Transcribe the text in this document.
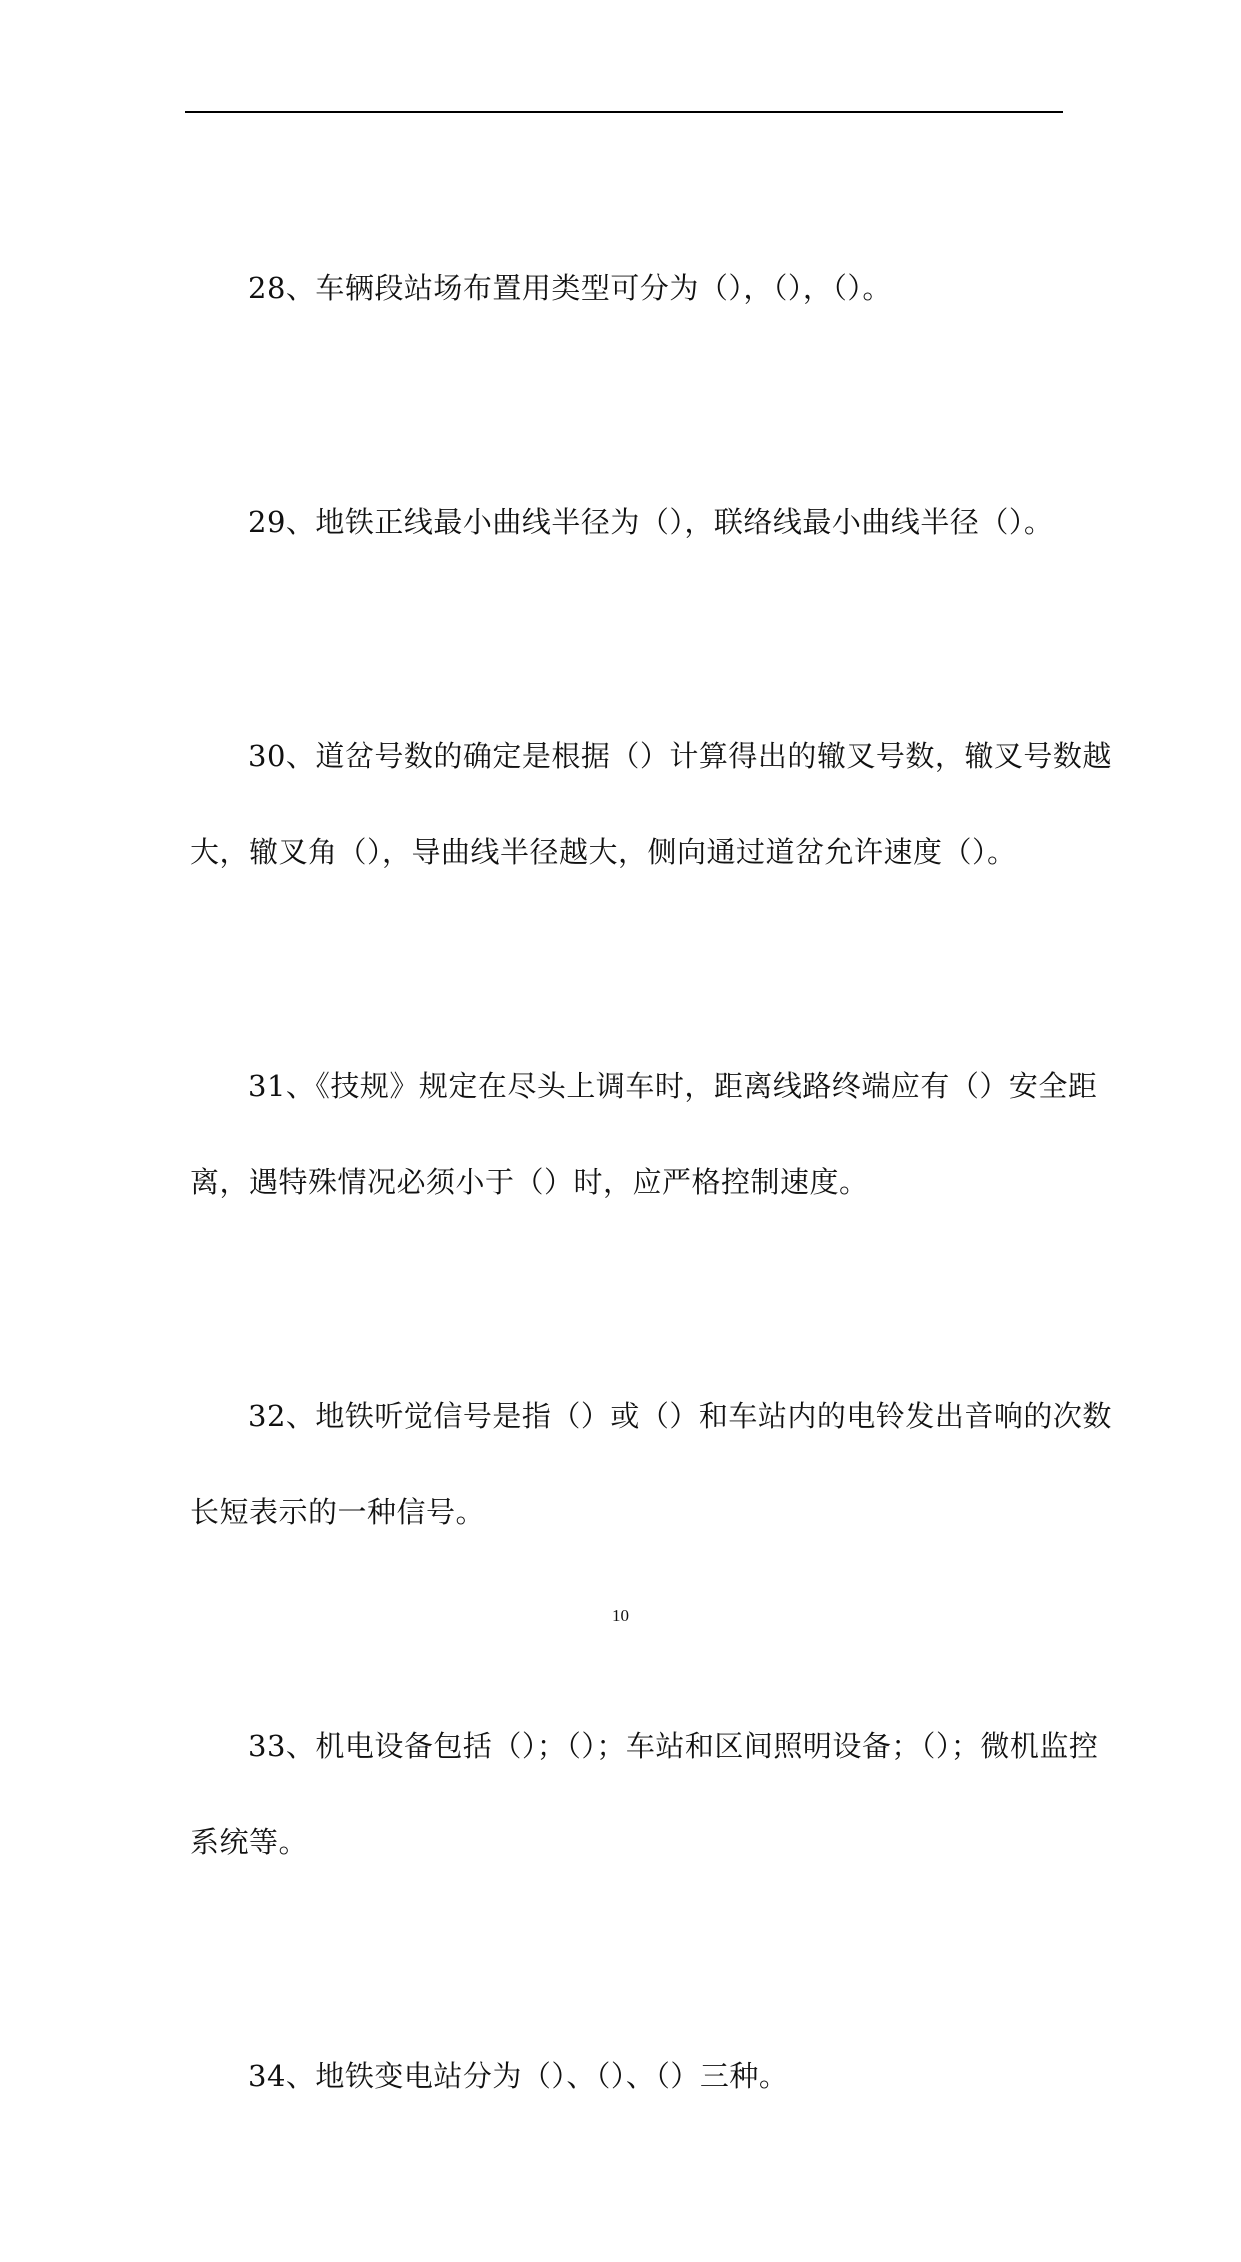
28、车辆段站场布置用类型可分为（），（），（）。

29、地铁正线最小曲线半径为（），联络线最小曲线半径（）。

30、道岔号数的确定是根据（）计算得出的辙叉号数，辙叉号数越
大，辙叉角（），导曲线半径越大，侧向通过道岔允许速度（）。

31、《技规》规定在尽头上调车时，距离线路终端应有（）安全距
离，遇特殊情况必须小于（）时，应严格控制速度。

32、地铁听觉信号是指（）或（）和车站内的电铃发出音响的次数
长短表示的一种信号。

33、机电设备包括（）；（）；车站和区间照明设备；（）；微机监控
系统等。

34、地铁变电站分为（）、（）、（）三种。

10
